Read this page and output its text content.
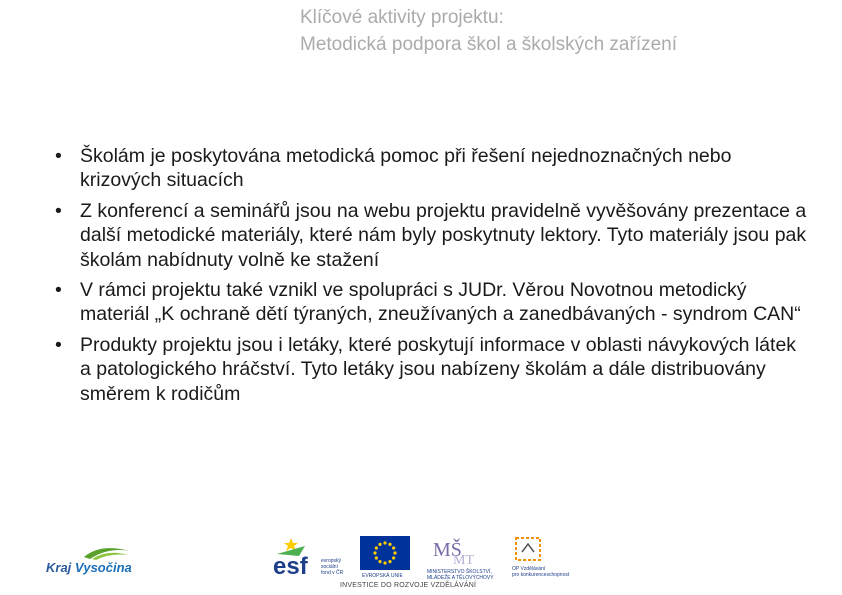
Klíčové aktivity projektu:
Metodická podpora škol a školských zařízení
• Školám je poskytována metodická pomoc při řešení nejednoznačných nebo krizových situacích
• Z konferencí a seminářů jsou na webu projektu pravidelně vyvěšovány prezentace a další metodické materiály, které nám byly poskytnuty lektory. Tyto materiály jsou pak školám nabídnuty volně ke stažení
• V rámci projektu také vznikl ve spolupráci s JUDr. Věrou Novotnou metodický materiál „K ochraně dětí týraných, zneužívaných a zanedbávaných - syndrom CAN“
• Produkty projektu jsou i letáky, které poskytují informace v oblasti návykových látek a patologického hráčství. Tyto letáky jsou nabízeny školám a dále distribuovány směrem k rodičům
Kraj Vysočina	esf	evropský
sociální
fond v ČR	EVROPSKÁ UNIE
MŠ
MT
MINISTERSTVO ŠKOLSTVÍ,
MLÁDEŽE A TĚLOVÝCHOVY
OP Vzdělávání
pro konkurenceschopnost
INVESTICE DO ROZVOJE VZDĚLÁVÁNÍ
